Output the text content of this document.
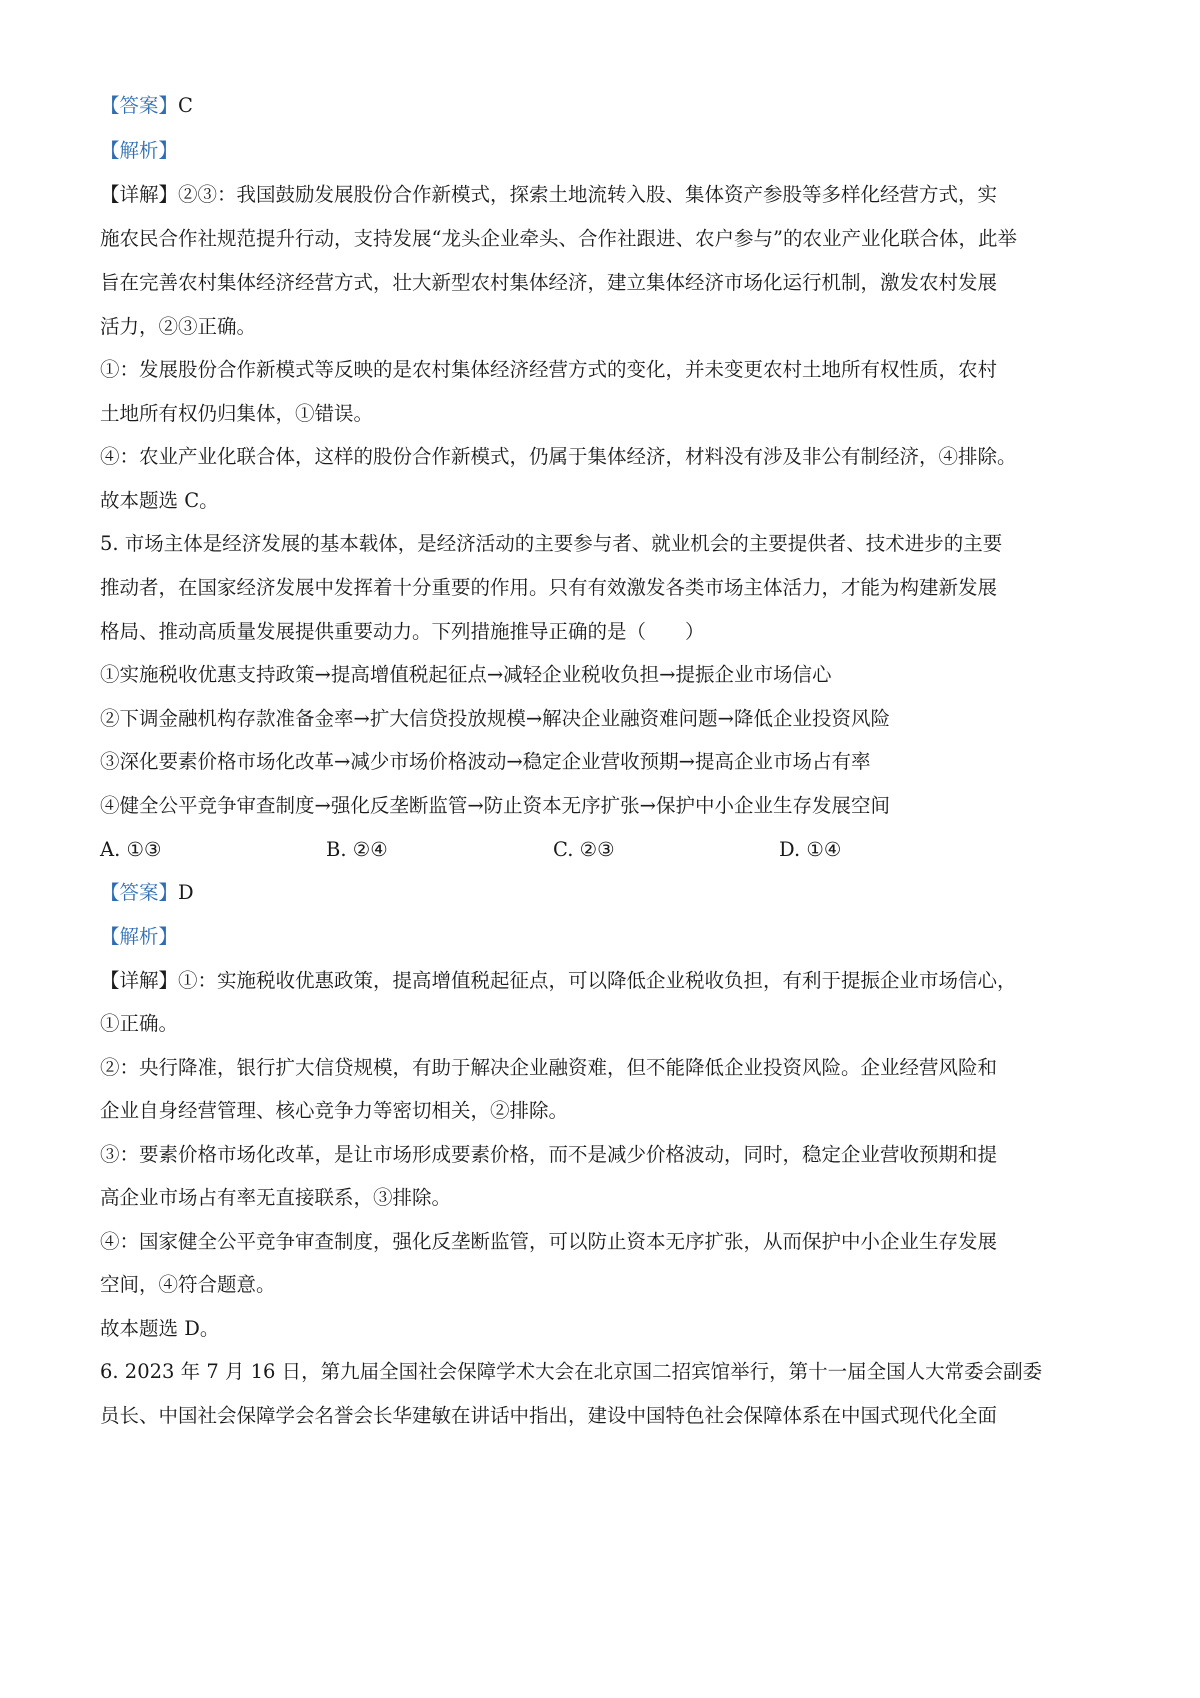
【答案】C
【解析】
【详解】②③：我国鼓励发展股份合作新模式，探索土地流转入股、集体资产参股等多样化经营方式，实
施农民合作社规范提升行动，支持发展“龙头企业牵头、合作社跟进、农户参与”的农业产业化联合体，此举
旨在完善农村集体经济经营方式，壮大新型农村集体经济，建立集体经济市场化运行机制，激发农村发展
活力，②③正确。
①：发展股份合作新模式等反映的是农村集体经济经营方式的变化，并未变更农村土地所有权性质，农村
土地所有权仍归集体，①错误。
④：农业产业化联合体，这样的股份合作新模式，仍属于集体经济，材料没有涉及非公有制经济，④排除。
故本题选 C。
5. 市场主体是经济发展的基本载体，是经济活动的主要参与者、就业机会的主要提供者、技术进步的主要
推动者，在国家经济发展中发挥着十分重要的作用。只有有效激发各类市场主体活力，才能为构建新发展
格局、推动高质量发展提供重要动力。下列措施推导正确的是（　　）
①实施税收优惠支持政策→提高增值税起征点→减轻企业税收负担→提振企业市场信心
②下调金融机构存款准备金率→扩大信贷投放规模→解决企业融资难问题→降低企业投资风险
③深化要素价格市场化改革→减少市场价格波动→稳定企业营收预期→提高企业市场占有率
④健全公平竞争审查制度→强化反垄断监管→防止资本无序扩张→保护中小企业生存发展空间
A. ①③	B. ②④	C. ②③	D. ①④
【答案】D
【解析】
【详解】①：实施税收优惠政策，提高增值税起征点，可以降低企业税收负担，有利于提振企业市场信心，
①正确。
②：央行降准，银行扩大信贷规模，有助于解决企业融资难，但不能降低企业投资风险。企业经营风险和
企业自身经营管理、核心竞争力等密切相关，②排除。
③：要素价格市场化改革，是让市场形成要素价格，而不是减少价格波动，同时，稳定企业营收预期和提
高企业市场占有率无直接联系，③排除。
④：国家健全公平竞争审查制度，强化反垄断监管，可以防止资本无序扩张，从而保护中小企业生存发展
空间，④符合题意。
故本题选 D。
6. 2023 年 7 月 16 日，第九届全国社会保障学术大会在北京国二招宾馆举行，第十一届全国人大常委会副委
员长、中国社会保障学会名誉会长华建敏在讲话中指出，建设中国特色社会保障体系在中国式现代化全面
